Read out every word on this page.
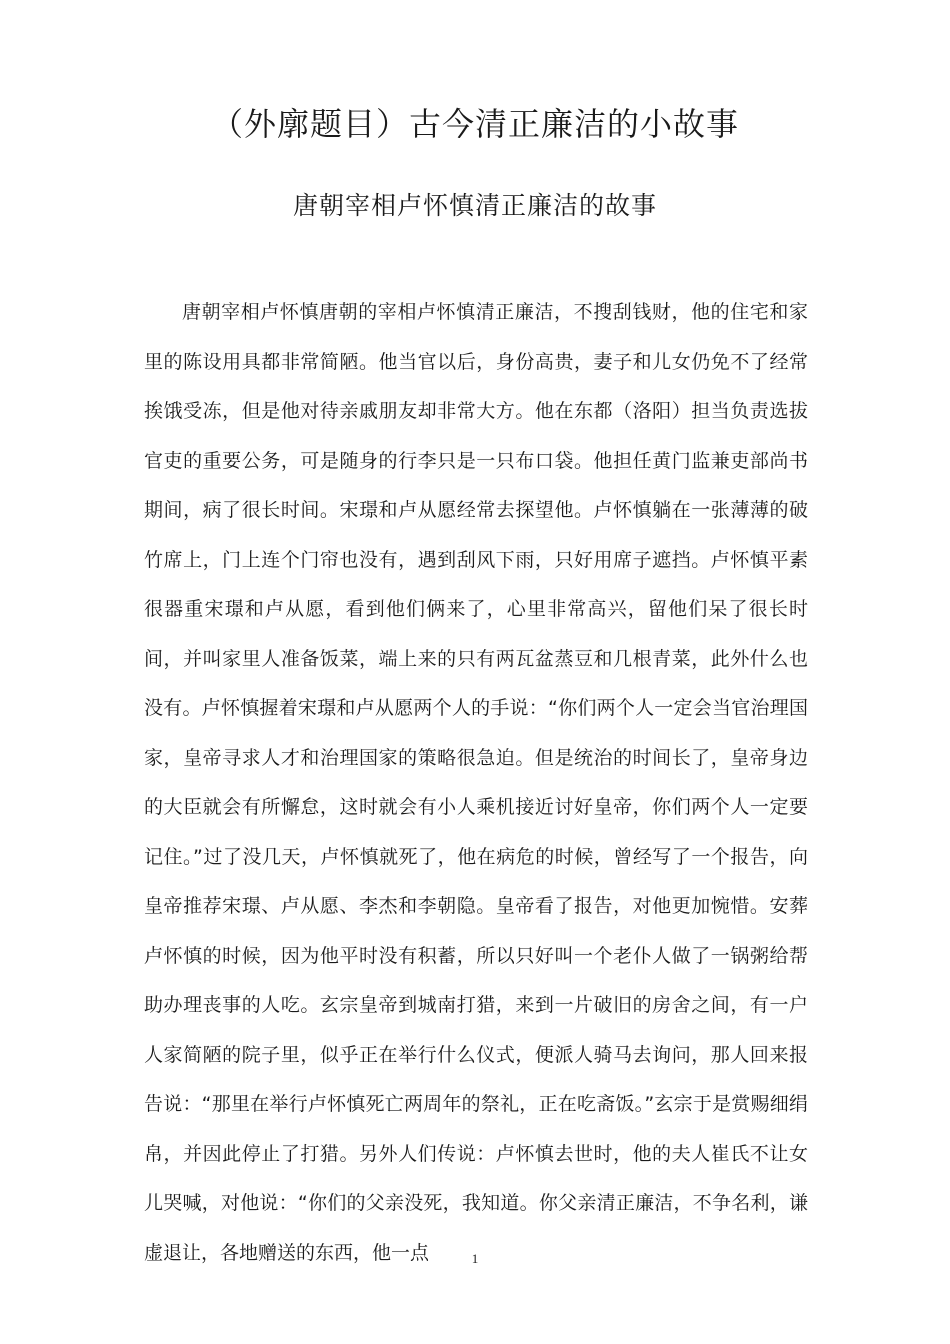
（外廓题目）古今清正廉洁的小故事
唐朝宰相卢怀慎清正廉洁的故事

唐朝宰相卢怀慎唐朝的宰相卢怀慎清正廉洁，不搜刮钱财，他的住宅和家里的陈设用具都非常简陋。他当官以后，身份高贵，妻子和儿女仍免不了经常挨饿受冻，但是他对待亲戚朋友却非常大方。他在东都（洛阳）担当负责选拔官吏的重要公务，可是随身的行李只是一只布口袋。他担任黄门监兼吏部尚书期间，病了很长时间。宋璟和卢从愿经常去探望他。卢怀慎躺在一张薄薄的破竹席上，门上连个门帘也没有，遇到刮风下雨，只好用席子遮挡。卢怀慎平素很器重宋璟和卢从愿，看到他们俩来了，心里非常高兴，留他们呆了很长时间，并叫家里人准备饭菜，端上来的只有两瓦盆蒸豆和几根青菜，此外什么也没有。卢怀慎握着宋璟和卢从愿两个人的手说：“你们两个人一定会当官治理国家，皇帝寻求人才和治理国家的策略很急迫。但是统治的时间长了，皇帝身边的大臣就会有所懈怠，这时就会有小人乘机接近讨好皇帝，你们两个人一定要记住。”过了没几天，卢怀慎就死了，他在病危的时候，曾经写了一个报告，向皇帝推荐宋璟、卢从愿、李杰和李朝隐。皇帝看了报告，对他更加惋惜。安葬卢怀慎的时候，因为他平时没有积蓄，所以只好叫一个老仆人做了一锅粥给帮助办理丧事的人吃。玄宗皇帝到城南打猎，来到一片破旧的房舍之间，有一户人家简陋的院子里，似乎正在举行什么仪式，便派人骑马去询问，那人回来报告说：“那里在举行卢怀慎死亡两周年的祭礼，正在吃斋饭。”玄宗于是赏赐细绢帛，并因此停止了打猎。另外人们传说：卢怀慎去世时，他的夫人崔氏不让女儿哭喊，对他说：“你们的父亲没死，我知道。你父亲清正廉洁，不争名利，谦虚退让，各地赠送的东西，他一点	1
